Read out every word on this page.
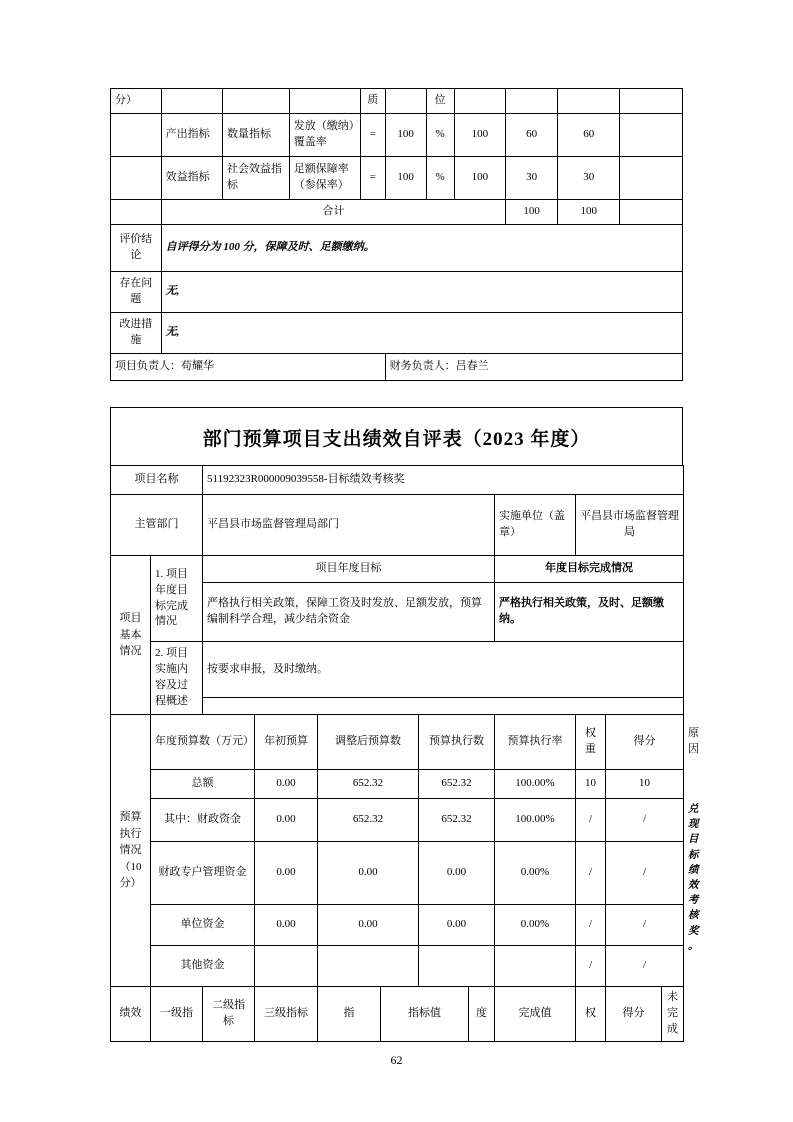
分）				质		位				
	产出指标	数量指标	发放（缴纳）覆盖率	=	100	%	100	60	60	
	效益指标	社会效益指标	足额保障率（参保率）	=	100	%	100	30	30	
	合计							100	100	
评价结论	自评得分为 100 分，保障及时、足额缴纳。									
存在问题	无,									
改进措施	无,									
项目负责人：苟耀华					财务负责人：吕春兰					
部门预算项目支出绩效自评表（2023 年度）
项目名称		51192323R000009039558-目标绩效考核奖										
主管部门		平昌县市场监督管理局部门						实施单位（盖章）	平昌县市场监督管理局			
项目基本情况	1. 项目年度目标完成情况	项目年度目标						年度目标完成情况				
		严格执行相关政策，保障工资及时发放、足额发放，预算编制科学合理，减少结余资金						严格执行相关政策，及时、足额缴纳。				
	2. 项目实施内容及过程概述	按要求申报，及时缴纳。										

预算执行情况（10分）	年度预算数（万元）		年初预算	调整后预算数		预算执行数		预算执行率	权重	得分		原因
	总额		0.00	652.32		652.32		100.00%	10	10		兑现目标绩效考核奖。
	其中：财政资金		0.00	652.32		652.32		100.00%	/	/		
	财政专户管理资金		0.00	0.00		0.00		0.00%	/	/		
	单位资金		0.00	0.00		0.00		0.00%	/	/		
	其他资金								/	/		
绩效	一级指	二级指标	三级指标	指	指标值		度	完成值	权	得分	未完成	
62
